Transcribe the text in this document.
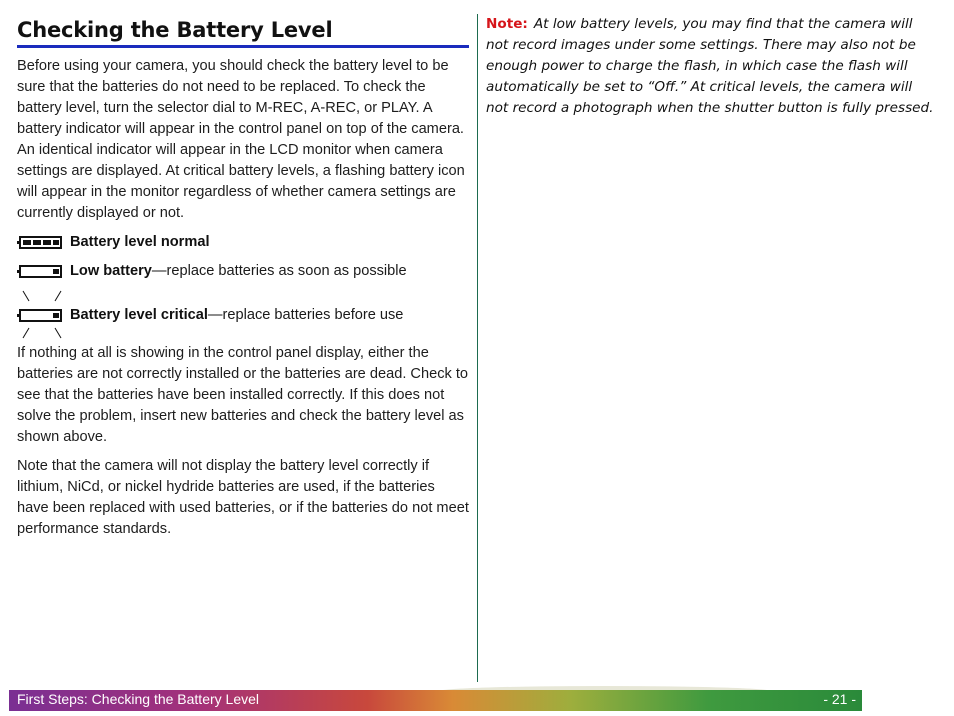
Checking the Battery Level

Before using your camera, you should check the battery level to be sure that the batteries do not need to be replaced. To check the battery level, turn the selector dial to M-REC, A-REC, or PLAY. A battery indicator will appear in the control panel on top of the camera. An identical indicator will appear in the LCD monitor when camera settings are displayed. At critical battery levels, a flashing battery icon will appear in the monitor regardless of whether camera settings are currently displayed or not.

Battery level normal
Low battery—replace batteries as soon as possible
Battery level critical—replace batteries before use

If nothing at all is showing in the control panel display, either the batteries are not correctly installed or the batteries are dead. Check to see that the batteries have been installed correctly. If this does not solve the problem, insert new batteries and check the battery level as shown above.

Note that the camera will not display the battery level correctly if lithium, NiCd, or nickel hydride batteries are used, if the batteries have been replaced with used batteries, or if the batteries do not meet performance standards.

Note: At low battery levels, you may find that the camera will not record images under some settings. There may also not be enough power to charge the flash, in which case the flash will automatically be set to “Off.” At critical levels, the camera will not record a photograph when the shutter button is fully pressed.
First Steps: Checking the Battery Level	- 21 -
